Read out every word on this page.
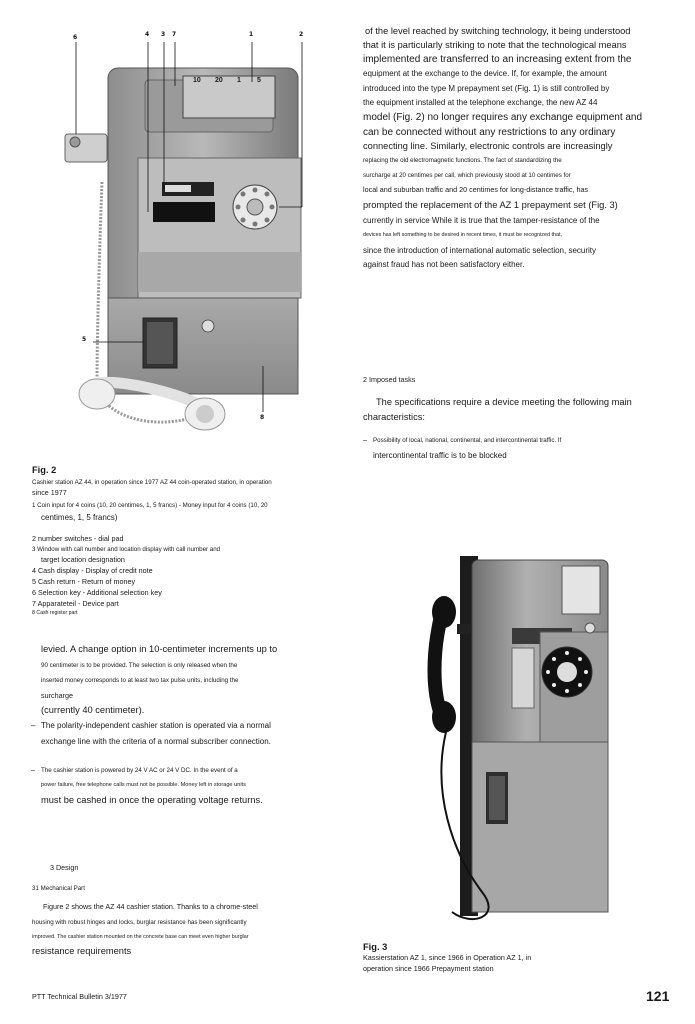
6	4 3 7	1	2
5
8
10 20 1 5
Fig. 2
Cashier station AZ 44, in operation since 1977 AZ 44 coin-operated station, in operation
since 1977
1 Coin input for 4 coins (10, 20 centimes, 1, 5 francs) - Money input for 4 coins (10, 20
centimes, 1, 5 francs)
2 number switches - dial pad
3 Window with call number and location display with call number and
target location designation
4 Cash display - Display of credit note
5 Cash return - Return of money
6 Selection key - Additional selection key
7 Apparateteil - Device part
8 Cash register part
of the level reached by switching technology, it being understood
that it is particularly striking to note that the technological means
implemented are transferred to an increasing extent from the
equipment at the exchange to the device. If, for example, the amount
introduced into the type M prepayment set (Fig. 1) is still controlled by
the equipment installed at the telephone exchange, the new AZ 44
model (Fig. 2) no longer requires any exchange equipment and
can be connected without any restrictions to any ordinary
connecting line. Similarly, electronic controls are increasingly
replacing the old electromagnetic functions. The fact of standardizing the
surcharge at 20 centimes per call, which previously stood at 10 centimes for
local and suburban traffic and 20 centimes for long-distance traffic, has
prompted the replacement of the AZ 1 prepayment set (Fig. 3)
currently in service While it is true that the tamper-resistance of the
devices has left something to be desired in recent times, it must be recognized that,
since the introduction of international automatic selection, security
against fraud has not been satisfactory either.
2 Imposed tasks
The specifications require a device meeting the following main
characteristics:
– Possibility of local, national, continental, and intercontinental traffic. If
intercontinental traffic is to be blocked
levied. A change option in 10-centimeter increments up to
90 centimeter is to be provided. The selection is only released when the
inserted money corresponds to at least two tax pulse units, including the
surcharge
(currently 40 centimeter).
– The polarity-independent cashier station is operated via a normal
exchange line with the criteria of a normal subscriber connection.
– The cashier station is powered by 24 V AC or 24 V DC. In the event of a
power failure, free telephone calls must not be possible. Money left in storage units
must be cashed in once the operating voltage returns.
3 Design
31 Mechanical Part
Figure 2 shows the AZ 44 cashier station. Thanks to a chrome-steel
housing with robust hinges and locks, burglar resistance has been significantly
improved. The cashier station mounted on the concrete base can meet even higher burglar
resistance requirements	Fig. 3
Kassierstation AZ 1, since 1966 in Operation AZ 1, in
operation since 1966 Prepayment station
PTT Technical Bulletin 3/1977	121
